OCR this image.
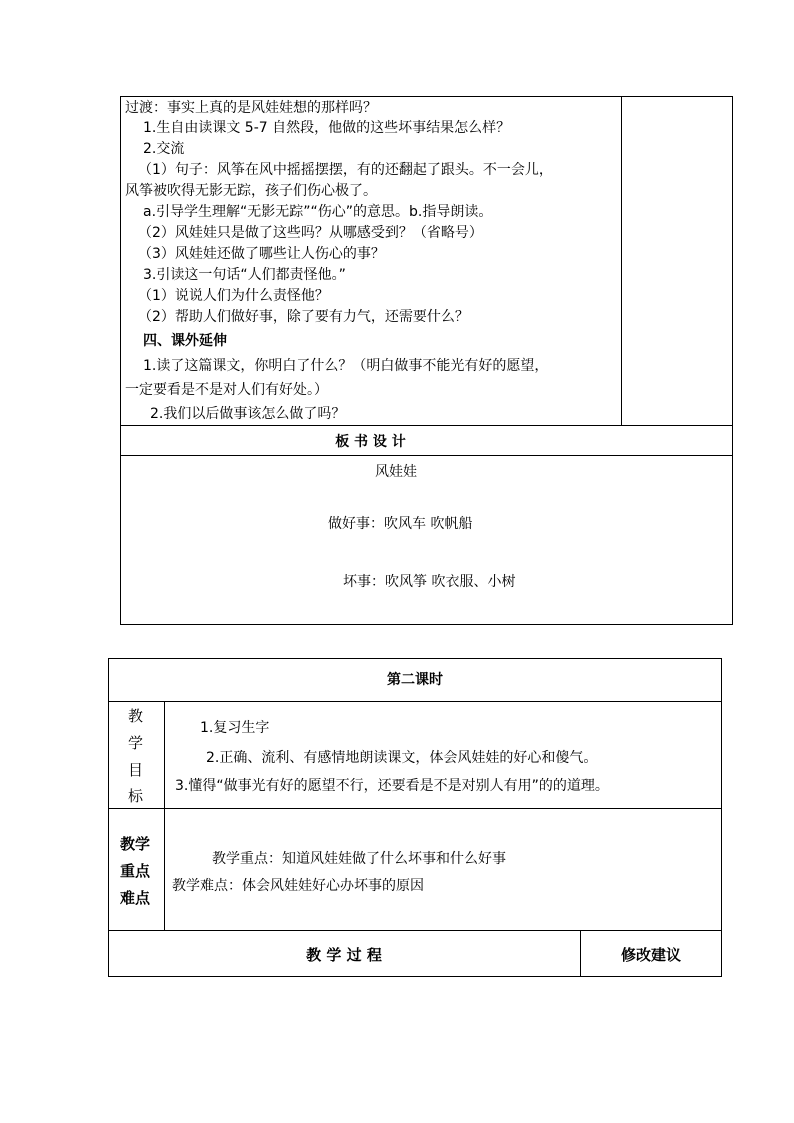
过渡：事实上真的是风娃娃想的那样吗？
1.生自由读课文 5-7 自然段，他做的这些坏事结果怎么样？
2.交流
（1）句子：风筝在风中摇摇摆摆，有的还翻起了跟头。不一会儿，
风筝被吹得无影无踪，孩子们伤心极了。
a.引导学生理解“无影无踪”“伤心”的意思。b.指导朗读。
（2）风娃娃只是做了这些吗？从哪感受到？（省略号）
（3）风娃娃还做了哪些让人伤心的事？
3.引读这一句话“人们都责怪他。”
（1）说说人们为什么责怪他？
（2）帮助人们做好事，除了要有力气，还需要什么？
四、课外延伸
1.读了这篇课文，你明白了什么？（明白做事不能光有好的愿望，
一定要看是不是对人们有好处。）
2.我们以后做事该怎么做了吗？
板 书 设 计
风娃娃
做好事：吹风车 吹帆船
坏事：吹风筝 吹衣服、小树
第二课时
教
学
目
标
1.复习生字
2.正确、流利、有感情地朗读课文，体会风娃娃的好心和傻气。
3.懂得“做事光有好的愿望不行，还要看是不是对别人有用”的的道理。
教学
重点
难点
教学重点：知道风娃娃做了什么坏事和什么好事
教学难点：体会风娃娃好心办坏事的原因
教 学 过 程	修改建议
